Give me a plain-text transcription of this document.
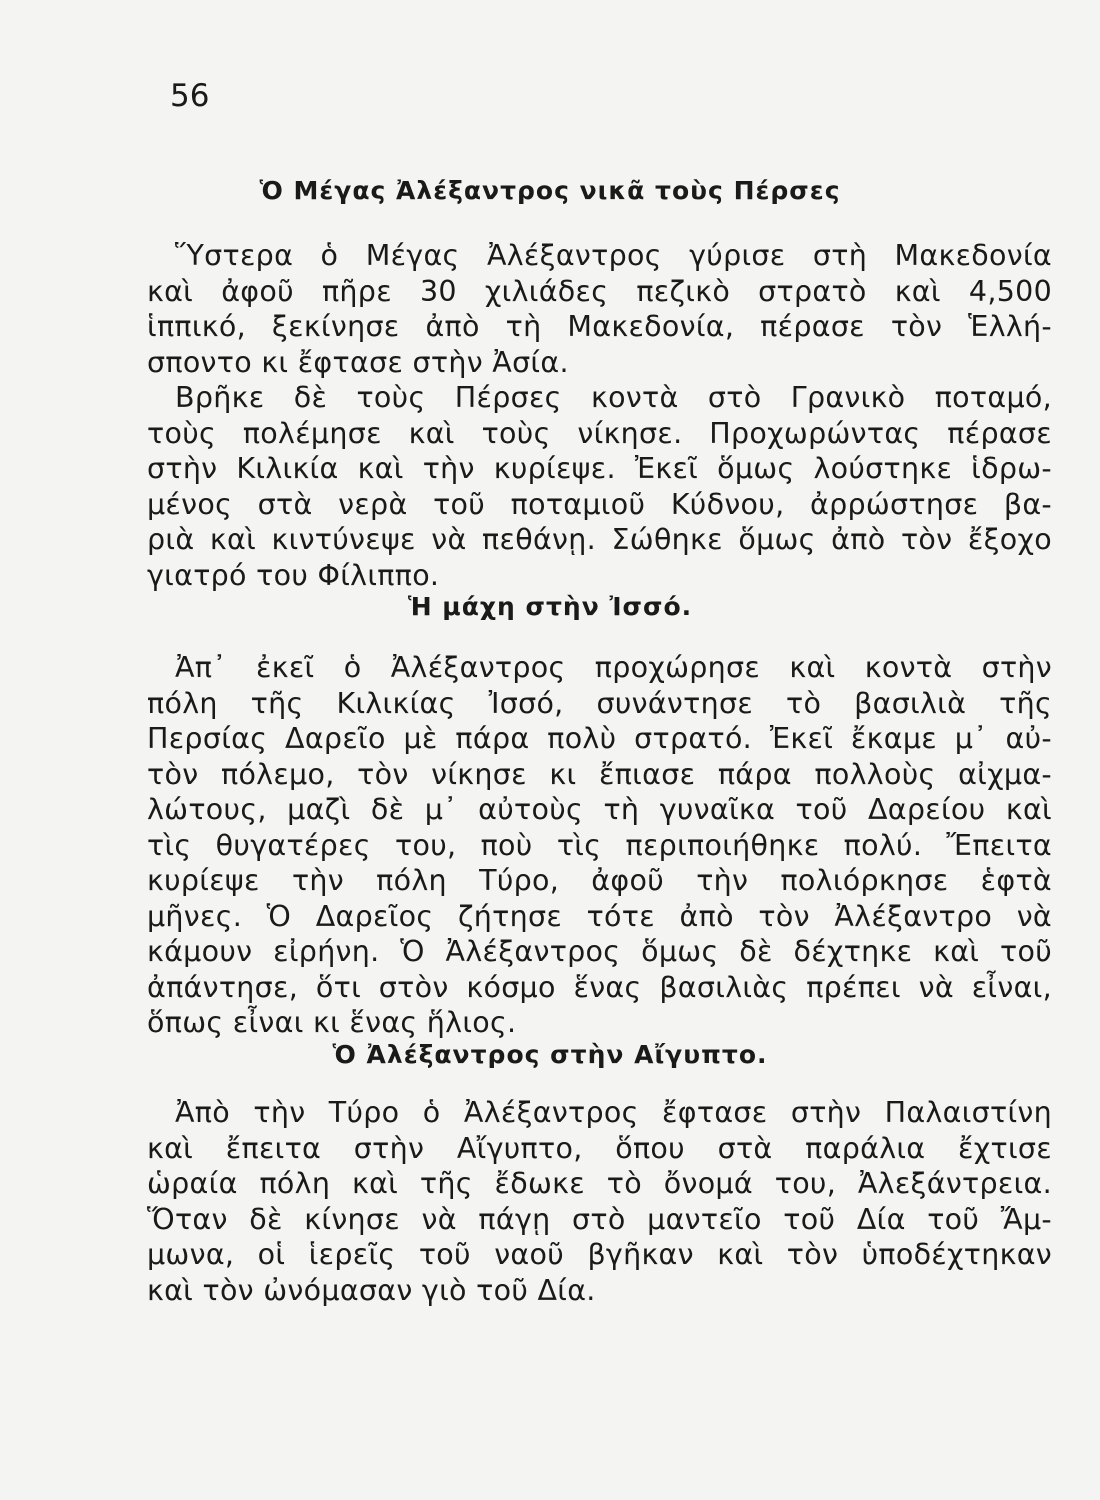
56
Ὁ Μέγας Ἀλέξαντρος νικᾶ τοὺς Πέρσες
Ὕστερα ὁ Μέγας Ἀλέξαντρος γύρισε στὴ Μακεδονία
καὶ ἀφοῦ πῆρε 30 χιλιάδες πεζικὸ στρατὸ καὶ 4,500
ἱππικό, ξεκίνησε ἀπὸ τὴ Μακεδονία, πέρασε τὸν Ἑλλή-
σποντο κι ἔφτασε στὴν Ἀσία.
Βρῆκε δὲ τοὺς Πέρσες κοντὰ στὸ Γρανικὸ ποταμό,
τοὺς πολέμησε καὶ τοὺς νίκησε. Προχωρώντας πέρασε
στὴν Κιλικία καὶ τὴν κυρίεψε. Ἐκεῖ ὅμως λούστηκε ἱδρω-
μένος στὰ νερὰ τοῦ ποταμιοῦ Κύδνου, ἀρρώστησε βα-
ριὰ καὶ κιντύνεψε νὰ πεθάνῃ. Σώθηκε ὅμως ἀπὸ τὸν ἔξοχο
γιατρό του Φίλιππο.
Ἡ μάχη στὴν Ἰσσό.
Ἀπ᾽ ἐκεῖ ὁ Ἀλέξαντρος προχώρησε καὶ κοντὰ στὴν
πόλη τῆς Κιλικίας Ἰσσό, συνάντησε τὸ βασιλιὰ τῆς
Περσίας Δαρεῖο μὲ πάρα πολὺ στρατό. Ἐκεῖ ἔκαμε μ᾽ αὐ-
τὸν πόλεμο, τὸν νίκησε κι ἔπιασε πάρα πολλοὺς αἰχμα-
λώτους, μαζὶ δὲ μ᾽ αὐτοὺς τὴ γυναῖκα τοῦ Δαρείου καὶ
τὶς θυγατέρες του, ποὺ τὶς περιποιήθηκε πολύ. Ἔπειτα
κυρίεψε τὴν πόλη Τύρο, ἀφοῦ τὴν πολιόρκησε ἑφτὰ
μῆνες. Ὁ Δαρεῖος ζήτησε τότε ἀπὸ τὸν Ἀλέξαντρο νὰ
κάμουν εἰρήνη. Ὁ Ἀλέξαντρος ὅμως δὲ δέχτηκε καὶ τοῦ
ἀπάντησε, ὅτι στὸν κόσμο ἕνας βασιλιὰς πρέπει νὰ εἶναι,
ὅπως εἶναι κι ἕνας ἥλιος.
Ὁ Ἀλέξαντρος στὴν Αἴγυπτο.
Ἀπὸ τὴν Τύρο ὁ Ἀλέξαντρος ἔφτασε στὴν Παλαιστίνη
καὶ ἔπειτα στὴν Αἴγυπτο, ὅπου στὰ παράλια ἔχτισε
ὡραία πόλη καὶ τῆς ἔδωκε τὸ ὄνομά του, Ἀλεξάντρεια.
Ὅταν δὲ κίνησε νὰ πάγῃ στὸ μαντεῖο τοῦ Δία τοῦ Ἄμ-
μωνα, οἱ ἱερεῖς τοῦ ναοῦ βγῆκαν καὶ τὸν ὑποδέχτηκαν
καὶ τὸν ὠνόμασαν γιὸ τοῦ Δία.
